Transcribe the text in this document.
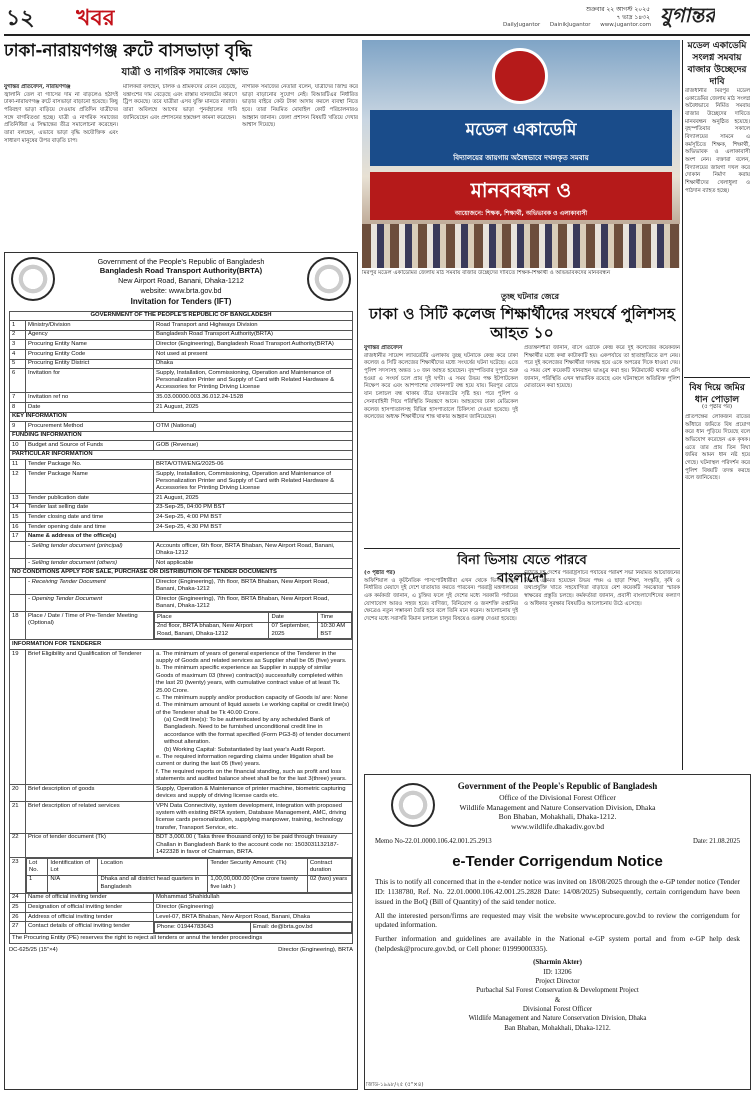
১২ খবর	শুক্রবার ২২ আগস্ট ২০২৫
৭ ভাদ্র ১৪৩২ যুগান্তর
DailyJugantor DainikJugantor www.jugantor.com
ঢাকা-নারায়ণগঞ্জ রুটে বাসভাড়া বৃদ্ধি
যাত্রী ও নাগরিক সমাজের ক্ষোভ
যুগান্তর প্রতিবেদন, নারায়ণগঞ্জ
জ্বালানি তেল বা গ্যাসের দাম না বাড়লেও হঠাৎই ঢাকা-নারায়ণগঞ্জ রুটে বাসভাড়া বাড়ানো হয়েছে। কিছু পরিবহণ ভাড়া বাড়িয়ে দেওয়ায় প্রতিদিন যাত্রীদের সঙ্গে বাগবিতণ্ডা হচ্ছে। যাত্রী ও নাগরিক সমাজের প্রতিনিধিরা এ সিদ্ধান্তের তীব্র সমালোচনা করেছেন। তারা বলছেন, এভাবে ভাড়া বৃদ্ধি অযৌক্তিক এবং সাধারণ মানুষের উপর বাড়তি চাপ।
মালিকরা বলছেন, চালক ও শ্রমিকদের বেতন বেড়েছে, যন্ত্রাংশের দাম বেড়েছে এবং রাস্তায় যানজটের কারণে ট্রিপ কমেছে। তবে যাত্রীরা এসব যুক্তি মানতে নারাজ। তারা অবিলম্বে আগের ভাড়া পুনর্বহালের দাবি জানিয়েছেন এবং প্রশাসনের হস্তক্ষেপ কামনা করেছেন।
নাগরিক সমাজের নেতারা বলেন, যাত্রীদের জিম্মি করে ভাড়া বাড়ানোর সুযোগ নেই। বিআরটিএর নির্ধারিত ভাড়ার বাইরে কেউ টাকা আদায় করলে ব্যবস্থা নিতে হবে। তারা নিয়মিত মোবাইল কোর্ট পরিচালনারও আহ্বান জানান। জেলা প্রশাসন বিষয়টি খতিয়ে দেখার আশ্বাস দিয়েছে।	মডেল একাডেমি
বিদ্যালয়ের জায়গায় অবৈধভাবে দখলকৃত সমবায়
মানববন্ধন ও
আয়োজনে: শিক্ষক, শিক্ষার্থী, অভিভাবক ও এলাকাবাসী
মিরপুর মডেল একাডেমির জেলায় মাঠ সমবায় বাজার উচ্ছেদের দাবিতে শিক্ষক-শিক্ষার্থী ও অভিভাবকদের মানববন্ধন
মডেল একাডেমি সংলগ্ন সমবায় বাজার উচ্ছেদের দাবি
রাজধানীর মিরপুর মডেল একাডেমির জেলায় মাঠ সংলগ্ন অবৈধভাবে নির্মিত সমবায় বাজার উচ্ছেদের দাবিতে মানববন্ধন অনুষ্ঠিত হয়েছে। বৃহস্পতিবার সকালে বিদ্যালয়ের সামনে এ কর্মসূচিতে শিক্ষক, শিক্ষার্থী, অভিভাবক ও এলাকাবাসী অংশ নেন। বক্তারা বলেন, বিদ্যালয়ের জায়গা দখল করে দোকান নির্মাণ করায় শিক্ষার্থীদের খেলাধুলা ও পাঠদান ব্যাহত হচ্ছে।
বিষ দিয়ে জমির ধান পোড়াল
(৫ পৃষ্ঠার পর)
প্রতিপক্ষের লোকজন রাতের আঁধারে জমিতে বিষ প্রয়োগ করে ধান পুড়িয়ে দিয়েছে বলে অভিযোগ করেছেন এক কৃষক। এতে তার প্রায় তিন বিঘা জমির আমন ধান নষ্ট হয়ে গেছে। ঘটনাস্থল পরিদর্শন করে পুলিশ বিষয়টি তদন্ত করছে বলে জানিয়েছে।
তুচ্ছ ঘটনার জেরে
ঢাকা ও সিটি কলেজ শিক্ষার্থীদের সংঘর্ষে পুলিশসহ আহত ১০
যুগান্তর প্রতিবেদন
রাজধানীর সায়েন্স ল্যাবরেটরি এলাকায় তুচ্ছ ঘটনাকে কেন্দ্র করে ঢাকা কলেজ ও সিটি কলেজের শিক্ষার্থীদের মধ্যে সংঘর্ষের ঘটনা ঘটেছে। এতে পুলিশ সদস্যসহ অন্তত ১০ জন আহত হয়েছেন। বৃহস্পতিবার দুপুরে শুরু হওয়া এ সংঘর্ষ চলে প্রায় দুই ঘণ্টা। এ সময় উভয় পক্ষ ইটপাটকেল নিক্ষেপ করে এবং আশপাশের দোকানপাট বন্ধ হয়ে যায়। মিরপুর রোডে যান চলাচল বন্ধ থাকায় তীব্র যানজটের সৃষ্টি হয়। পরে পুলিশ ও সেনাবাহিনী গিয়ে পরিস্থিতি নিয়ন্ত্রণে আনে। আহতদের ঢাকা মেডিকেল কলেজ হাসপাতালসহ বিভিন্ন হাসপাতালে চিকিৎসা দেওয়া হয়েছে। দুই কলেজের অধ্যক্ষ শিক্ষার্থীদের শান্ত থাকার আহ্বান জানিয়েছেন।
প্রত্যক্ষদর্শীরা জানান, বাসে ওঠাকে কেন্দ্র করে দুই কলেজের কয়েকজন শিক্ষার্থীর মধ্যে কথা কাটাকাটি হয়। একপর্যায়ে তা হাতাহাতিতে রূপ নেয়। পরে দুই কলেজের শিক্ষার্থীরা দলবদ্ধ হয়ে একে অপরের দিকে ধাওয়া দেয়। এ সময় বেশ কয়েকটি যানবাহন ভাঙচুর করা হয়। নিউমার্কেট থানার ওসি জানান, পরিস্থিতি এখন স্বাভাবিক রয়েছে এবং ঘটনাস্থলে অতিরিক্ত পুলিশ মোতায়েন করা হয়েছে।
বিনা ভিসায় যেতে পারবে বাংলাদেশ
(৩ পৃষ্ঠার পর)
অফিশিয়াল ও কূটনৈতিক পাসপোর্টধারীরা এখন থেকে ভিসা ছাড়াই নির্ধারিত মেয়াদে দুই দেশে যাতায়াত করতে পারবেন। পররাষ্ট্র মন্ত্রণালয়ের এক কর্মকর্তা জানান, এ চুক্তির ফলে দুই দেশের মধ্যে সরকারি পর্যায়ের যোগাযোগ আরও সহজ হবে। বাণিজ্য, বিনিয়োগ ও জনশক্তি রপ্তানির ক্ষেত্রেও নতুন সম্ভাবনা তৈরি হবে বলে তিনি মনে করেন। আলোচনায় দুই দেশের মধ্যে সরাসরি বিমান চলাচল চালুর বিষয়েও গুরুত্ব দেওয়া হয়েছে।
বৈঠকে দুই দেশের পররাষ্ট্রসচিব পর্যায়ের পরামর্শ সভা নিয়মিত আয়োজনের বিষয়ে একমত হয়েছেন উভয় পক্ষ। এ ছাড়া শিক্ষা, সংস্কৃতি, কৃষি ও তথ্যপ্রযুক্তি খাতে সহযোগিতা বাড়াতে বেশ কয়েকটি সমঝোতা স্মারক স্বাক্ষরের প্রস্তুতি চলছে। কর্মকর্তারা জানান, প্রবাসী বাংলাদেশিদের কল্যাণ ও অধিকার সুরক্ষার বিষয়টিও আলোচনায় উঠে এসেছে।
Government of the People's Republic of Bangladesh
Bangladesh Road Transport Authority(BRTA)
New Airport Road, Banani, Dhaka-1212
website: www.brta.gov.bd
Invitation for Tenders (IFT)
GOVERNMENT OF THE PEOPLE'S REPUBLIC OF BANGLADESH
1	Ministry/Division	Road Transport and Highways Division
2	Agency	Bangladesh Road Transport Authority(BRTA)
3	Procuring Entity Name	Director (Engineering), Bangladesh Road Transport Authority(BRTA)
4	Procuring Entity Code	Not used at present
5	Procuring Entity District	Dhaka
6	Invitation for	Supply, Installation, Commissioning, Operation and Maintenance of Personalization Printer and Supply of Card with Related Hardware & Accessories for Printing Driving License
7	Invitation ref no	35.03.00000.003.36.012.24-1528
8	Date	21 August, 2025
KEY INFORMATION
9	Procurement Method	OTM (National)
FUNDING INFORMATION
10	Budget and Source of Funds	GOB (Revenue)
PARTICULAR INFORMATION
11	Tender Package No.	BRTA/OTM/ENG/2025-06
12	Tender Package Name	Supply, Installation, Commissioning, Operation and Maintenance of Personalization Printer and Supply of Card with Related Hardware & Accessories for Printing Driving License
13	Tender publication date	21 August, 2025
14	Tender last selling date	23-Sep-25, 04:00 PM BST
15	Tender closing date and time	24-Sep-25, 4:00 PM BST
16	Tender opening date and time	24-Sep-25, 4:30 PM BST
17	Name & address of the office(s)
	- Selling tender document (principal)	Accounts officer, 6th floor, BRTA Bhaban, New Airport Road, Banani, Dhaka-1212
	- Selling tender document (others)	Not applicable
NO CONDITIONS APPLY FOR SALE, PURCHASE OR DISTRIBUTION OF TENDER DOCUMENTS
	- Receiving Tender Document	Director (Engineering), 7th floor, BRTA Bhaban, New Airport Road, Banani, Dhaka-1212
	- Opening Tender Document	Director (Engineering), 7th floor, BRTA Bhaban, New Airport Road, Banani, Dhaka-1212
18	Place / Date / Time of Pre-Tender Meeting (Optional)	
Place	Date	Time
2nd floor, BRTA bhaban, New Airport Road, Banani, Dhaka-1212	07 September, 2025	10:30 AM BST

INFORMATION FOR TENDERER
19	Brief Eligibility and Qualification of Tenderer	a. The minimum of years of general experience of the Tenderer in the supply of Goods and related services as Supplier shall be 05 (five) years.
b. The minimum specific experience as Supplier in supply of similar Goods of maximum 03 (three) contract(s) successfully completed within the last 20 (twenty) years, with cumulative contract value of at least Tk. 25.00 Crore.
c. The minimum supply and/or production capacity of Goods is/ are: None
d. The minimum amount of liquid assets i.e working capital or credit line(s) of the Tenderer shall be Tk 40.00 Crore.
(a) Credit line(s): To be authenticated by any scheduled Bank of Bangladesh. Need to be furnished unconditional credit line in accordance with the format specified (Form PG3-8) of tender document without alteration.
(b) Working Capital: Substantiated by last year's Audit Report.
e. The required information regarding claims under litigation shall be current or during the last 05 (five) years.
f. The required reports on the financial standing, such as profit and loss statements and audited balance sheet shall be for the last 3(three) years.

20	Brief description of goods	Supply, Operation & Maintenance of printer machine, biometric capturing devices and supply of driving license cards etc.
21	Brief description of related services	VPN Data Connectivity, system development, integration with proposed system with existing BRTA system, Database Management, AMC, driving license cards personalization, supplying manpower, training, technology transfer, Transport Service, etc.
22	Price of tender document (Tk)	BDT 3,000.00 ( Taka three thousand only) to be paid through treasury Challan in Bangladesh Bank to the account code no: 1503031132187-1422328 in favor of Chairman, BRTA.
23	Lot No.	Identification of Lot	Location	Tender Security Amount: (Tk)	Contract duration
1	N/A	Dhaka and all district head quarters in Bangladesh	1,00,00,000.00 (One crore twenty five lakh )	02 (two) years

24	Name of official inviting tender	Mohammad Shahidullah
25	Designation of official inviting tender	Director (Engineering)
26	Address of official inviting tender	Level-07, BRTA Bhaban, New Airport Road, Banani, Dhaka
27	Contact details of official inviting tender		Phone: 01944783643	Email: de@brta.gov.bd

The Procuring Entity (PE) reserves the right to reject all tenders or annul the tender proceedings
DC-625/25 (15"×4)	Director (Engineering), BRTA
Government of the People's Republic of Bangladesh
Office of the Divisional Forest Officer
Wildlife Management and Nature Conservation Division, Dhaka
Bon Bhaban, Mohakhali, Dhaka-1212.
www.wildlife.dhakadiv.gov.bd
Memo No-22.01.0000.106.42.001.25.2913	Date: 21.08.2025
e-Tender Corrigendum Notice
This is to notify all concerned that in the e-tender notice was invited on 18/08/2025 through the e-GP tender notice (Tender ID: 1138780, Ref. No. 22.01.0000.106.42.001.25.2828 Date: 14/08/2025) Subsequently, certain corrigendum have been issued in the BoQ (Bill of Quantity) of the said tender notice.
All the interested person/firms are requested may visit the website www.eprocure.gov.bd to review the corrigendum for updated information.
Further information and guidelines are available in the National e-GP system portal and from e-GP help desk (helpdesk@procure.gov.bd, or Cell phone: 01999000335).
(Sharmin Akter)
ID: 13206
Project Director
Purbachal Sal Forest Conservation & Development Project
&
Divisional Forest Officer
Wildlife Management and Nature Conservation Division, Dhaka
Ban Bhaban, Mohakhali, Dhaka-1212.
জিডি-১৯৯৮/২৫ (৫"×৪)
